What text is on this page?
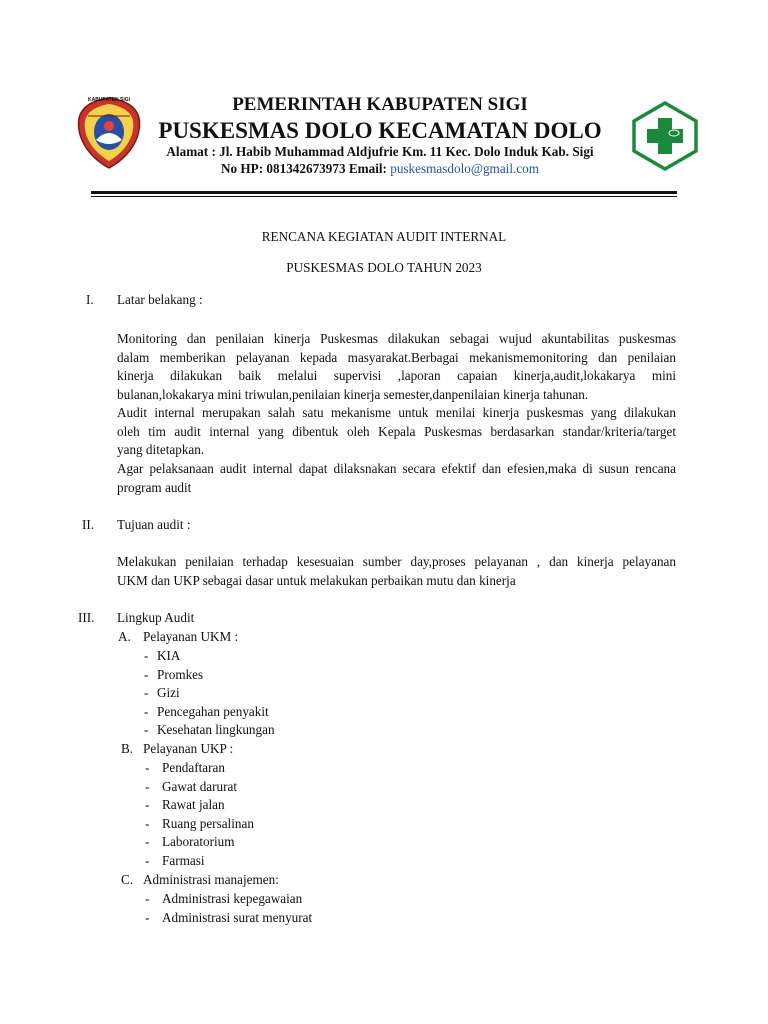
KABUPATEN SIGI	PEMERINTAH KABUPATEN SIGI
PUSKESMAS DOLO KECAMATAN DOLO
Alamat : Jl. Habib Muhammad Aldjufrie Km. 11 Kec. Dolo Induk Kab. Sigi
No HP: 081342673973 Email: puskesmasdolo@gmail.com
RENCANA KEGIATAN AUDIT INTERNAL
PUSKESMAS DOLO TAHUN 2023
I. Latar belakang :
Monitoring dan penilaian kinerja Puskesmas dilakukan sebagai wujud akuntabilitas puskesmas
dalam memberikan pelayanan kepada masyarakat.Berbagai mekanismemonitoring dan penilaian
kinerja dilakukan baik melalui supervisi ,laporan capaian kinerja,audit,lokakarya mini
bulanan,lokakarya mini triwulan,penilaian kinerja semester,danpenilaian kinerja tahunan.
Audit internal merupakan salah satu mekanisme untuk menilai kinerja puskesmas yang dilakukan
oleh tim audit internal yang dibentuk oleh Kepala Puskesmas berdasarkan standar/kriteria/target
yang ditetapkan.
Agar pelaksanaan audit internal dapat dilaksnakan secara efektif dan efesien,maka di susun rencana
program audit
II. Tujuan audit :
Melakukan penilaian terhadap kesesuaian sumber day,proses pelayanan , dan kinerja pelayanan
UKM dan UKP sebagai dasar untuk melakukan perbaikan mutu dan kinerja
III. Lingkup Audit
A. Pelayanan UKM :
- KIA
- Promkes
- Gizi
- Pencegahan penyakit
- Kesehatan lingkungan
B. Pelayanan UKP :
- Pendaftaran
- Gawat darurat
- Rawat jalan
- Ruang persalinan
- Laboratorium
- Farmasi
C. Administrasi manajemen:
- Administrasi kepegawaian
- Administrasi surat menyurat
